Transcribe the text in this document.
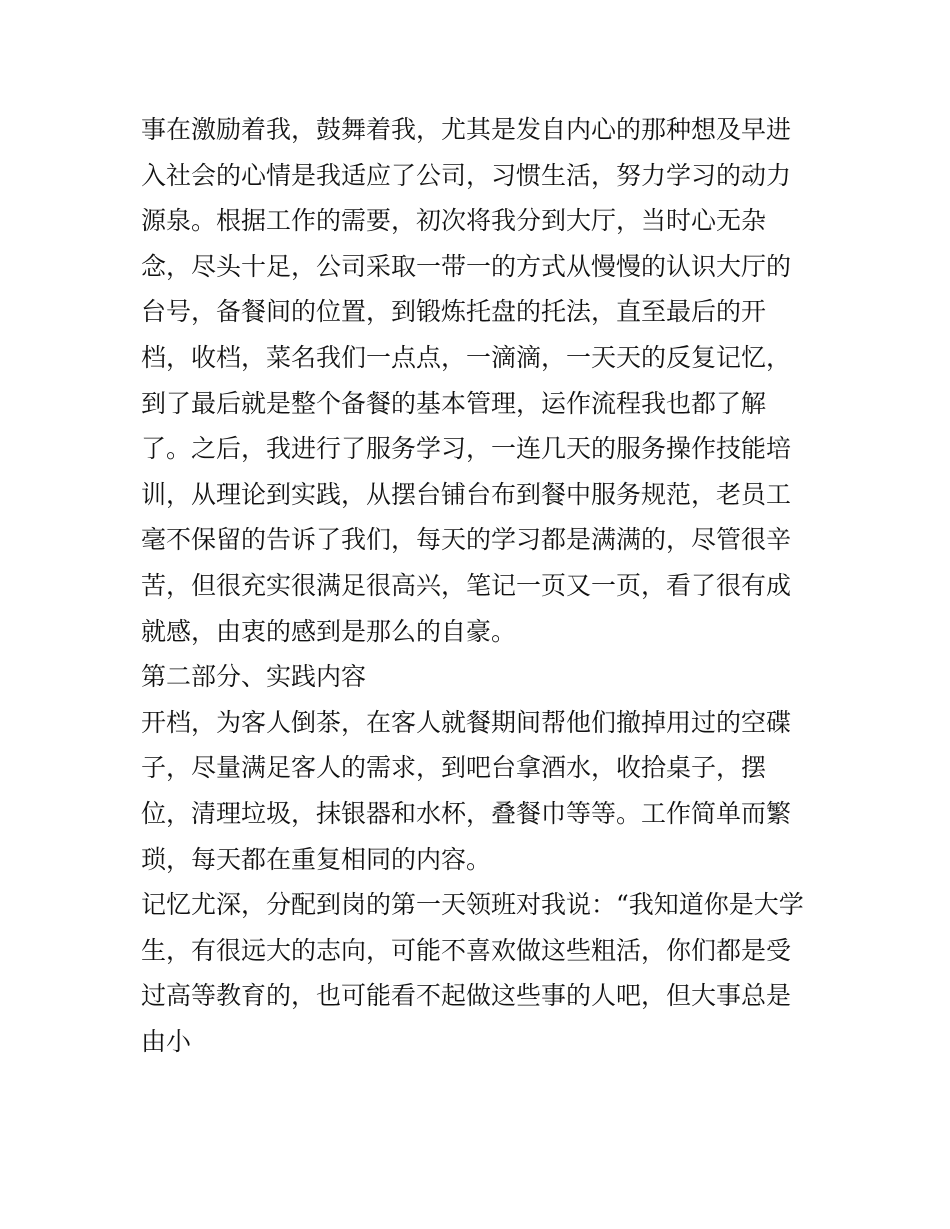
事在激励着我，鼓舞着我，尤其是发自内心的那种想及早进入社会的心情是我适应了公司，习惯生活，努力学习的动力源泉。根据工作的需要，初次将我分到大厅，当时心无杂念，尽头十足，公司采取一带一的方式从慢慢的认识大厅的台号，备餐间的位置，到锻炼托盘的托法，直至最后的开档，收档，菜名我们一点点，一滴滴，一天天的反复记忆，到了最后就是整个备餐的基本管理，运作流程我也都了解了。之后，我进行了服务学习，一连几天的服务操作技能培训，从理论到实践，从摆台铺台布到餐中服务规范，老员工毫不保留的告诉了我们，每天的学习都是满满的，尽管很辛苦，但很充实很满足很高兴，笔记一页又一页，看了很有成就感，由衷的感到是那么的自豪。

第二部分、实践内容

开档，为客人倒茶，在客人就餐期间帮他们撤掉用过的空碟子，尽量满足客人的需求，到吧台拿酒水，收拾桌子，摆位，清理垃圾，抹银器和水杯，叠餐巾等等。工作简单而繁琐，每天都在重复相同的内容。

记忆尤深，分配到岗的第一天领班对我说：“我知道你是大学生，有很远大的志向，可能不喜欢做这些粗活，你们都是受过高等教育的，也可能看不起做这些事的人吧，但大事总是由小
